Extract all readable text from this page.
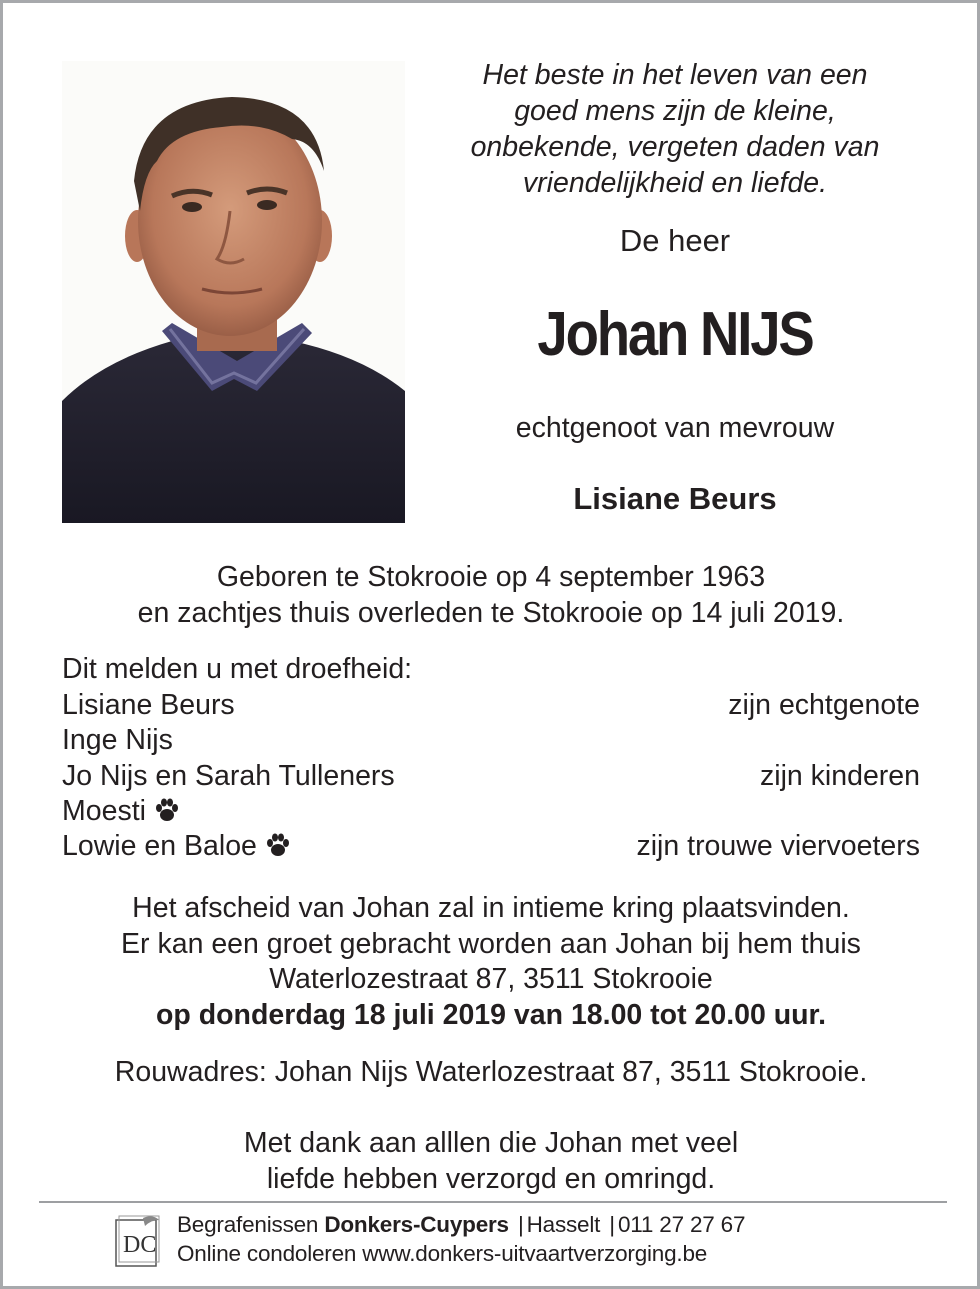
Het beste in het leven van een
goed mens zijn de kleine,
onbekende, vergeten daden van
vriendelijkheid en liefde.
De heer
Johan NIJS
echtgenoot van mevrouw
Lisiane Beurs
Geboren te Stokrooie op 4 september 1963
en zachtjes thuis overleden te Stokrooie op 14 juli 2019.
Dit melden u met droefheid:
Lisiane Beurs	zijn echtgenote
Inge Nijs
Jo Nijs en Sarah Tulleners	zijn kinderen
Moesti
Lowie en Baloe	zijn trouwe viervoeters
Het afscheid van Johan zal in intieme kring plaatsvinden.
Er kan een groet gebracht worden aan Johan bij hem thuis
Waterlozestraat 87, 3511 Stokrooie
op donderdag 18 juli 2019 van 18.00 tot 20.00 uur.
Rouwadres: Johan Nijs Waterlozestraat 87, 3511 Stokrooie.
Met dank aan alllen die Johan met veel
liefde hebben verzorgd en omringd.
DC
Begrafenissen Donkers-Cuypers | Hasselt | 011 27 27 67
Online condoleren www.donkers-uitvaartverzorging.be
